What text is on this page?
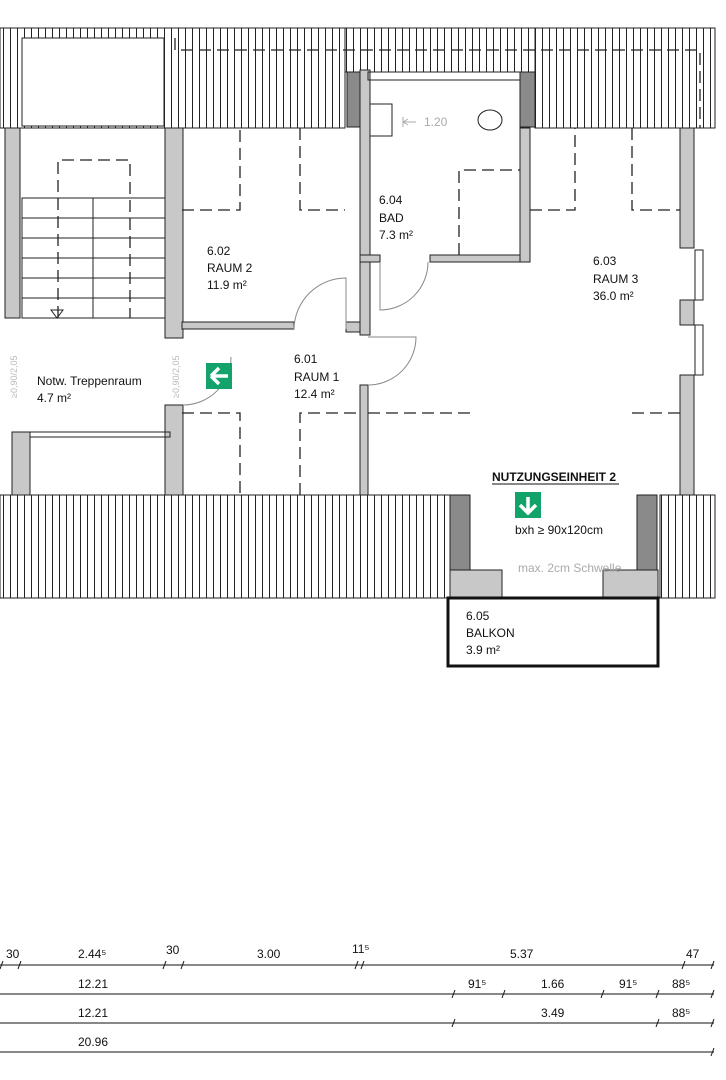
1.20
6.02
RAUM 2
11.9 m²
6.01
RAUM 1
12.4 m²
6.04
BAD
7.3 m²
6.03
RAUM 3
36.0 m²
6.05
BALKON
3.9 m²
Notw. Treppenraum
4.7 m²
≥0,90/2,05	≥0,90/2,05
NUTZUNGSEINHEIT 2
bxh ≥ 90x120cm
max. 2cm Schwelle
30	2.44⁵	30	3.00	11⁵	5.37	47
12.21	91⁵	1.66	91⁵	88⁵
12.21	3.49	88⁵
20.96
